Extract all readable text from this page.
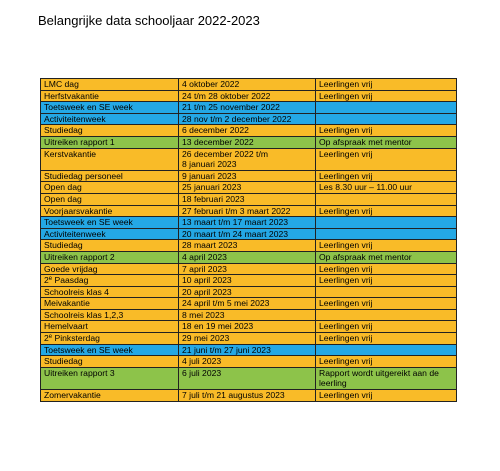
Belangrijke data schooljaar 2022-2023
LMC dag	4 oktober 2022	Leerlingen vrij
Herfstvakantie	24 t/m 28 oktober 2022	Leerlingen vrij
Toetsweek en SE week	21 t/m 25 november 2022	

Activiteitenweek	28 nov t/m 2 december 2022	

Studiedag	6 december 2022	Leerlingen vrij
Uitreiken rapport 1	13 december 2022	Op afspraak met mentor
Kerstvakantie	26 december 2022 t/m
8 januari 2023	Leerlingen vrij
Studiedag personeel	9 januari 2023	Leerlingen vrij
Open dag	25 januari 2023	Les 8.30 uur – 11.00 uur
Open dag	18 februari 2023	

Voorjaarsvakantie	27 februari t/m 3 maart 2022	Leerlingen vrij
Toetsweek en SE week	13 maart t/m 17 maart 2023	

Activiteitenweek	20 maart t/m 24 maart 2023	

Studiedag	28 maart 2023	Leerlingen vrij
Uitreiken rapport 2	4 april 2023	Op afspraak met mentor
Goede vrijdag	7 april 2023	Leerlingen vrij
2e Paasdag	10 april 2023	Leerlingen vrij
Schoolreis klas 4	20 april 2023	

Meivakantie	24 april t/m 5 mei 2023	Leerlingen vrij
Schoolreis klas 1,2,3	8 mei 2023	

Hemelvaart	18 en 19 mei 2023	Leerlingen vrij
2e Pinksterdag	29 mei 2023	Leerlingen vrij
Toetsweek en SE week	21 juni t/m 27 juni 2023	

Studiedag	4 juli 2023	Leerlingen vrij
Uitreiken rapport 3	6 juli 2023	Rapport wordt uitgereikt aan de leerling
Zomervakantie	7 juli t/m 21 augustus 2023	Leerlingen vrij
